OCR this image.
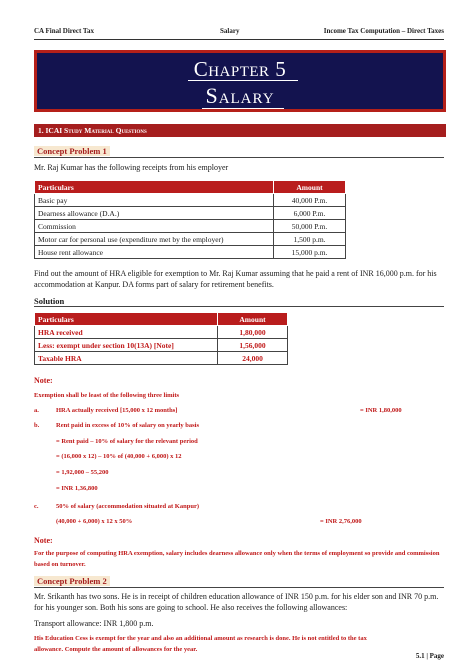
CA Final Direct Tax	Salary	Income Tax Computation – Direct Taxes
Chapter 5
Salary
1. ICAI Study Material Questions
Concept Problem 1
Mr. Raj Kumar has the following receipts from his employer
Particulars	Amount
Basic pay	40,000 P.m.
Dearness allowance (D.A.)	6,000 P.m.
Commission	50,000 P.m.
Motor car for personal use (expenditure met by the employer)	1,500 p.m.
House rent allowance	15,000 p.m.
Find out the amount of HRA eligible for exemption to Mr. Raj Kumar assuming that he paid a rent of INR 16,000 p.m. for his accommodation at Kanpur. DA forms part of salary for retirement benefits.
Solution
Particulars	Amount
HRA received	1,80,000
Less: exempt under section 10(13A) [Note]	1,56,000
Taxable HRA	24,000
Note:
Exemption shall be least of the following three limits
a.	HRA actually received [15,000 x 12 months]	= INR 1,80,000
b.	Rent paid in excess of 10% of salary on yearly basis
= Rent paid – 10% of salary for the relevant period
= (16,000 x 12) – 10% of (40,000 + 6,000) x 12
= 1,92,000 – 55,200
= INR 1,36,800
c.	50% of salary (accommodation situated at Kanpur)
(40,000 + 6,000) x 12 x 50%	= INR 2,76,000
Note:
For the purpose of computing HRA exemption, salary includes dearness allowance only when the terms of employment so provide and commission based on turnover.
Concept Problem 2
Mr. Srikanth has two sons. He is in receipt of children education allowance of INR 150 p.m. for his elder son and INR 70 p.m. for his younger son. Both his sons are going to school. He also receives the following allowances:
Transport allowance: INR 1,800 p.m.
His Education Cess is exempt for the year and also an additional amount as research is done. He is not entitled to the tax allowance. Compute the amount of allowances for the year.
5.1 | Page
